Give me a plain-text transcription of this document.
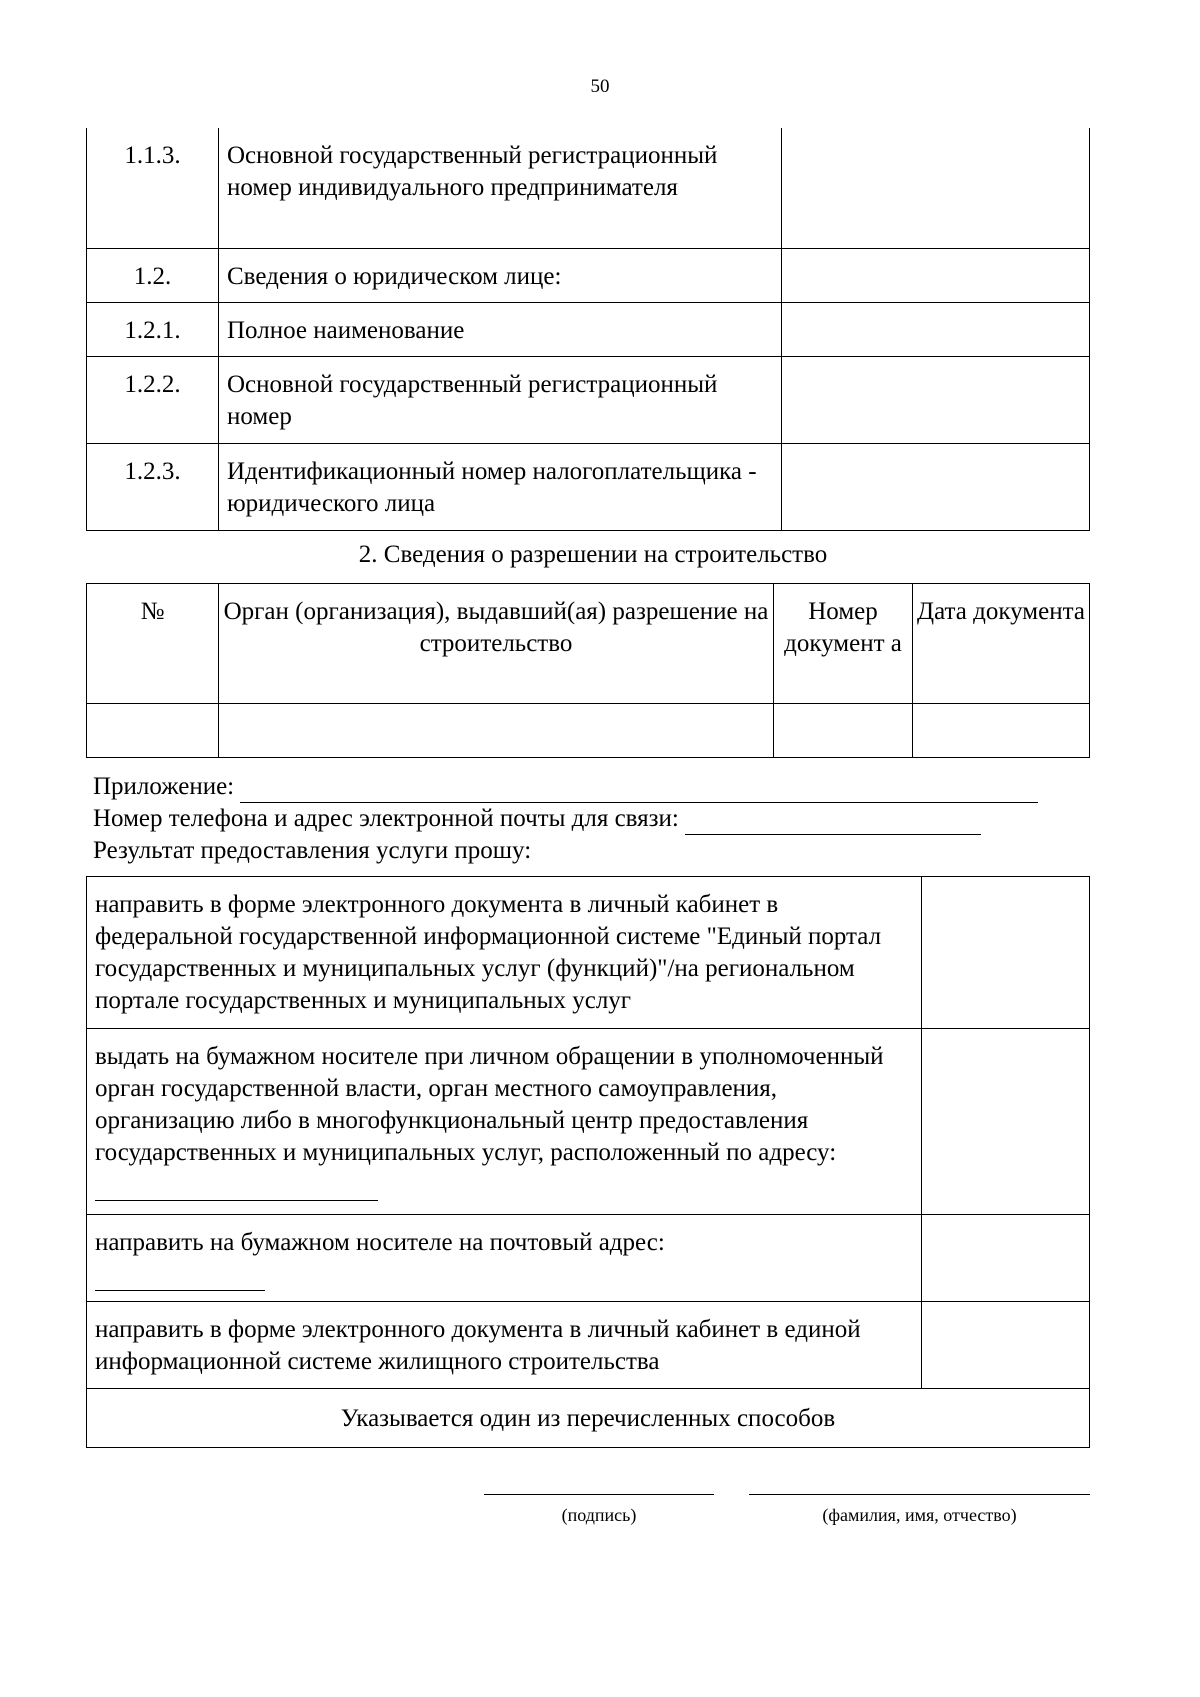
50
1.1.3.	Основной государственный регистрационный номер индивидуального предпринимателя	
1.2.	Сведения о юридическом лице:	
1.2.1.	Полное наименование	
1.2.2.	Основной государственный регистрационный номер	
1.2.3.	Идентификационный номер налогоплательщика - юридического лица	
2. Сведения о разрешении на строительство
№	Орган (организация), выдавший(ая) разрешение на строительство	Номер документ а	Дата документа

Приложение:
Номер телефона и адрес электронной почты для связи:
Результат предоставления услуги прошу:
направить в форме электронного документа в личный кабинет в федеральной государственной информационной системе "Единый портал государственных и муниципальных услуг (функций)"/на региональном портале государственных и муниципальных услуг	
выдать на бумажном носителе при личном обращении в уполномоченный орган государственной власти, орган местного самоуправления, организацию либо в многофункциональный центр предоставления государственных и муниципальных услуг, расположенный по адресу:	
направить на бумажном носителе на почтовый адрес:

направить в форме электронного документа в личный кабинет в единой информационной системе жилищного строительства	
Указывается один из перечисленных способов	
(подпись)	(фамилия, имя, отчество)
